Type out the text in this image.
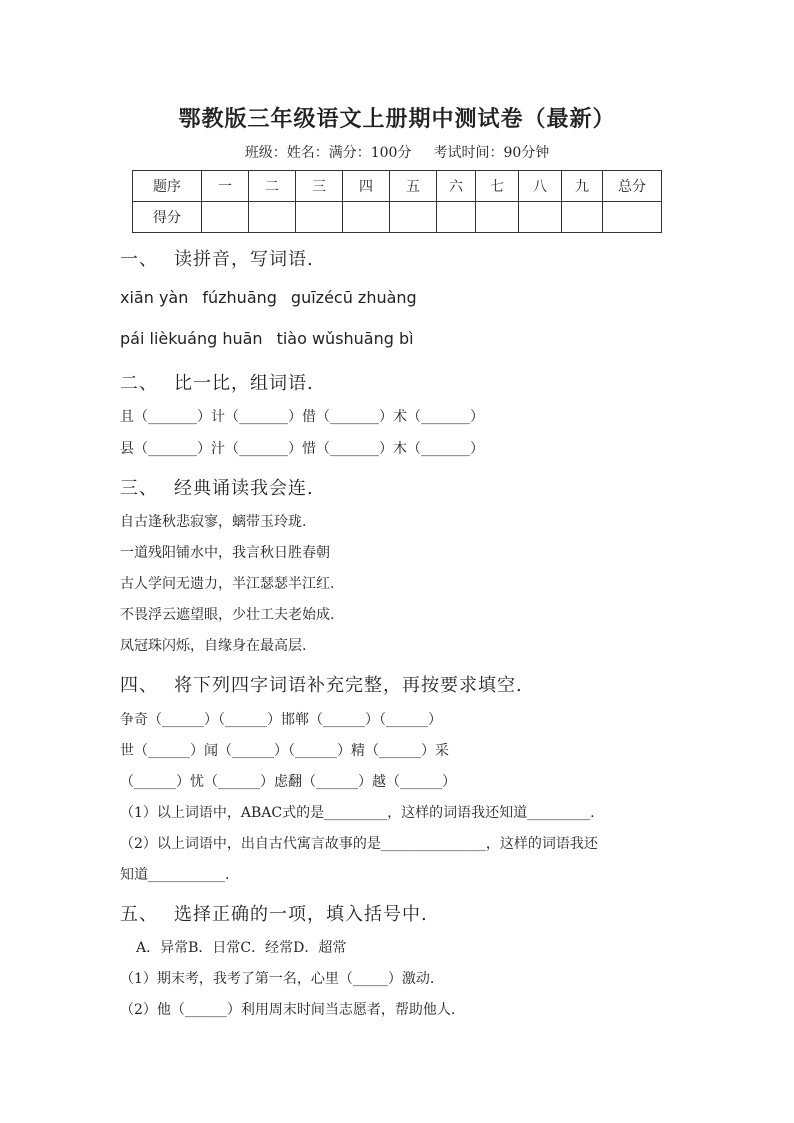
鄂教版三年级语文上册期中测试卷（最新）
班级：姓名：满分：100分 考试时间：90分钟
题序	一	二	三	四	五	六	七	八	九	总分
得分										
一、 读拼音，写词语.
xiān yàn fúzhuāng guīzécū zhuàng
pái lièkuáng huān tiào wǔshuāng bì
二、 比一比，组词语.
且（_______）计（_______）借（_______）术（_______）
县（_______）汁（_______）惜（_______）木（_______）
三、 经典诵读我会连.
自古逢秋悲寂寥，螭带玉玲珑.
一道残阳铺水中，我言秋日胜春朝
古人学问无遗力，半江瑟瑟半江红.
不畏浮云遮望眼，少壮工夫老始成.
凤冠珠闪烁，自缘身在最高层.
四、 将下列四字词语补充完整，再按要求填空.
争奇（______）（______）邯郸（______）（______）
世（______）闻（______）（______）精（______）采
（______）忧（______）虑翻（______）越（______）
（1）以上词语中，ABAC式的是_________，这样的词语我还知道_________.
（2）以上词语中，出自古代寓言故事的是_______________，这样的词语我还
知道___________.
五、 选择正确的一项，填入括号中.
A．异常B．日常C．经常D．超常
（1）期末考，我考了第一名，心里（_____）激动.
（2）他（______）利用周末时间当志愿者，帮助他人.
